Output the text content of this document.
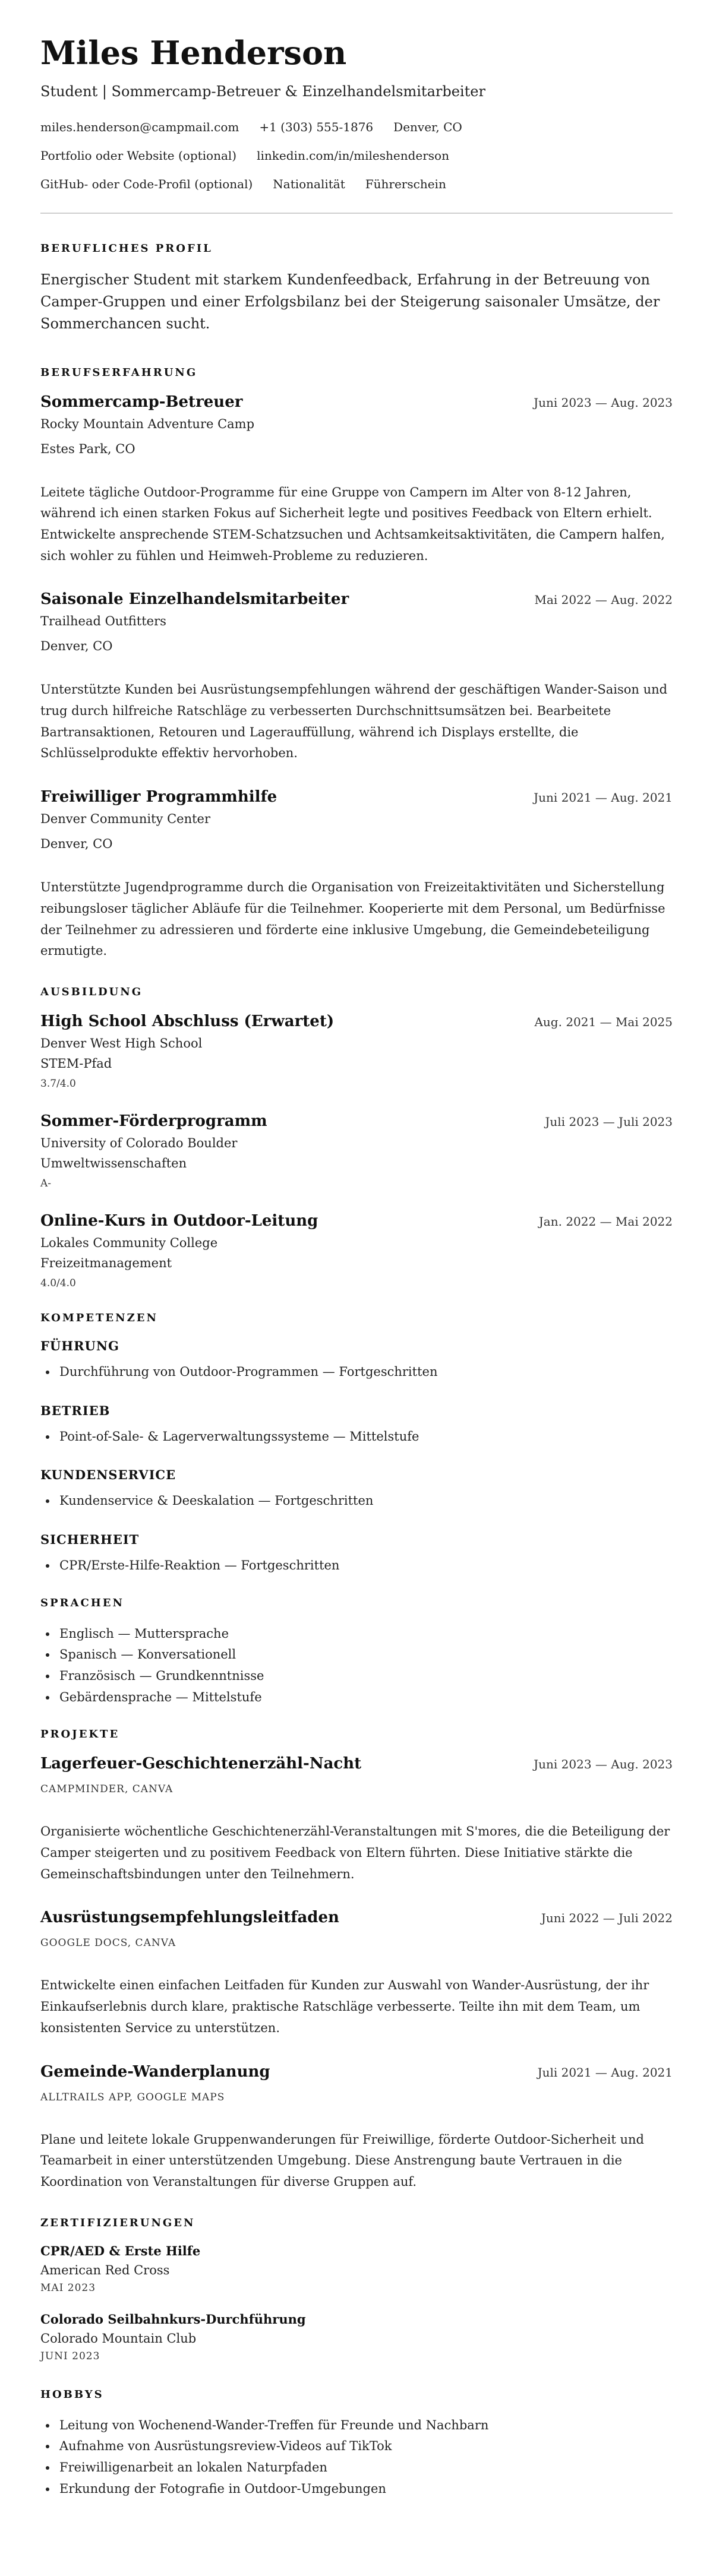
Miles Henderson
Student | Sommercamp-Betreuer & Einzelhandelsmitarbeiter
miles.henderson@campmail.com +1 (303) 555-1876 Denver, CO
Portfolio oder Website (optional) linkedin.com/in/mileshenderson
GitHub- oder Code-Profil (optional) Nationalität Führerschein
BERUFLICHES PROFIL

Energischer Student mit starkem Kundenfeedback, Erfahrung in der Betreuung von Camper-Gruppen und einer Erfolgsbilanz bei der Steigerung saisonaler Umsätze, der Sommerchancen sucht.

BERUFSERFAHRUNG
Sommercamp-Betreuer	Juni 2023 — Aug. 2023
Rocky Mountain Adventure Camp
Estes Park, CO
Leitete tägliche Outdoor-Programme für eine Gruppe von Campern im Alter von 8-12 Jahren, während ich einen starken Fokus auf Sicherheit legte und positives Feedback von Eltern erhielt. Entwickelte ansprechende STEM-Schatzsuchen und Achtsamkeitsaktivitäten, die Campern halfen, sich wohler zu fühlen und Heimweh-Probleme zu reduzieren.
Saisonale Einzelhandelsmitarbeiter	Mai 2022 — Aug. 2022
Trailhead Outfitters
Denver, CO
Unterstützte Kunden bei Ausrüstungsempfehlungen während der geschäftigen Wander-Saison und trug durch hilfreiche Ratschläge zu verbesserten Durchschnittsumsätzen bei. Bearbeitete Bartransaktionen, Retouren und Lagerauffüllung, während ich Displays erstellte, die Schlüsselprodukte effektiv hervorhoben.
Freiwilliger Programmhilfe	Juni 2021 — Aug. 2021
Denver Community Center
Denver, CO
Unterstützte Jugendprogramme durch die Organisation von Freizeitaktivitäten und Sicherstellung reibungsloser täglicher Abläufe für die Teilnehmer. Kooperierte mit dem Personal, um Bedürfnisse der Teilnehmer zu adressieren und förderte eine inklusive Umgebung, die Gemeindebeteiligung ermutigte.
AUSBILDUNG
High School Abschluss (Erwartet)	Aug. 2021 — Mai 2025
Denver West High School
STEM-Pfad
3.7/4.0
Sommer-Förderprogramm	Juli 2023 — Juli 2023
University of Colorado Boulder
Umweltwissenschaften
A-
Online-Kurs in Outdoor-Leitung	Jan. 2022 — Mai 2022
Lokales Community College
Freizeitmanagement
4.0/4.0
KOMPETENZEN
FÜHRUNG
• Durchführung von Outdoor-Programmen — Fortgeschritten
BETRIEB
• Point-of-Sale- & Lagerverwaltungssysteme — Mittelstufe
KUNDENSERVICE
• Kundenservice & Deeskalation — Fortgeschritten
SICHERHEIT
• CPR/Erste-Hilfe-Reaktion — Fortgeschritten
SPRACHEN
• Englisch — Muttersprache
• Spanisch — Konversationell
• Französisch — Grundkenntnisse
• Gebärdensprache — Mittelstufe
PROJEKTE
Lagerfeuer-Geschichtenerzähl-Nacht	Juni 2023 — Aug. 2023
CAMPMINDER, CANVA
Organisierte wöchentliche Geschichtenerzähl-Veranstaltungen mit S'mores, die die Beteiligung der Camper steigerten und zu positivem Feedback von Eltern führten. Diese Initiative stärkte die Gemeinschaftsbindungen unter den Teilnehmern.
Ausrüstungsempfehlungsleitfaden	Juni 2022 — Juli 2022
GOOGLE DOCS, CANVA
Entwickelte einen einfachen Leitfaden für Kunden zur Auswahl von Wander-Ausrüstung, der ihr Einkaufserlebnis durch klare, praktische Ratschläge verbesserte. Teilte ihn mit dem Team, um konsistenten Service zu unterstützen.
Gemeinde-Wanderplanung	Juli 2021 — Aug. 2021
ALLTRAILS APP, GOOGLE MAPS
Plane und leitete lokale Gruppenwanderungen für Freiwillige, förderte Outdoor-Sicherheit und Teamarbeit in einer unterstützenden Umgebung. Diese Anstrengung baute Vertrauen in die Koordination von Veranstaltungen für diverse Gruppen auf.
ZERTIFIZIERUNGEN
CPR/AED & Erste Hilfe
American Red Cross
MAI 2023
Colorado Seilbahnkurs-Durchführung
Colorado Mountain Club
JUNI 2023
HOBBYS
• Leitung von Wochenend-Wander-Treffen für Freunde und Nachbarn
• Aufnahme von Ausrüstungsreview-Videos auf TikTok
• Freiwilligenarbeit an lokalen Naturpfaden
• Erkundung der Fotografie in Outdoor-Umgebungen
